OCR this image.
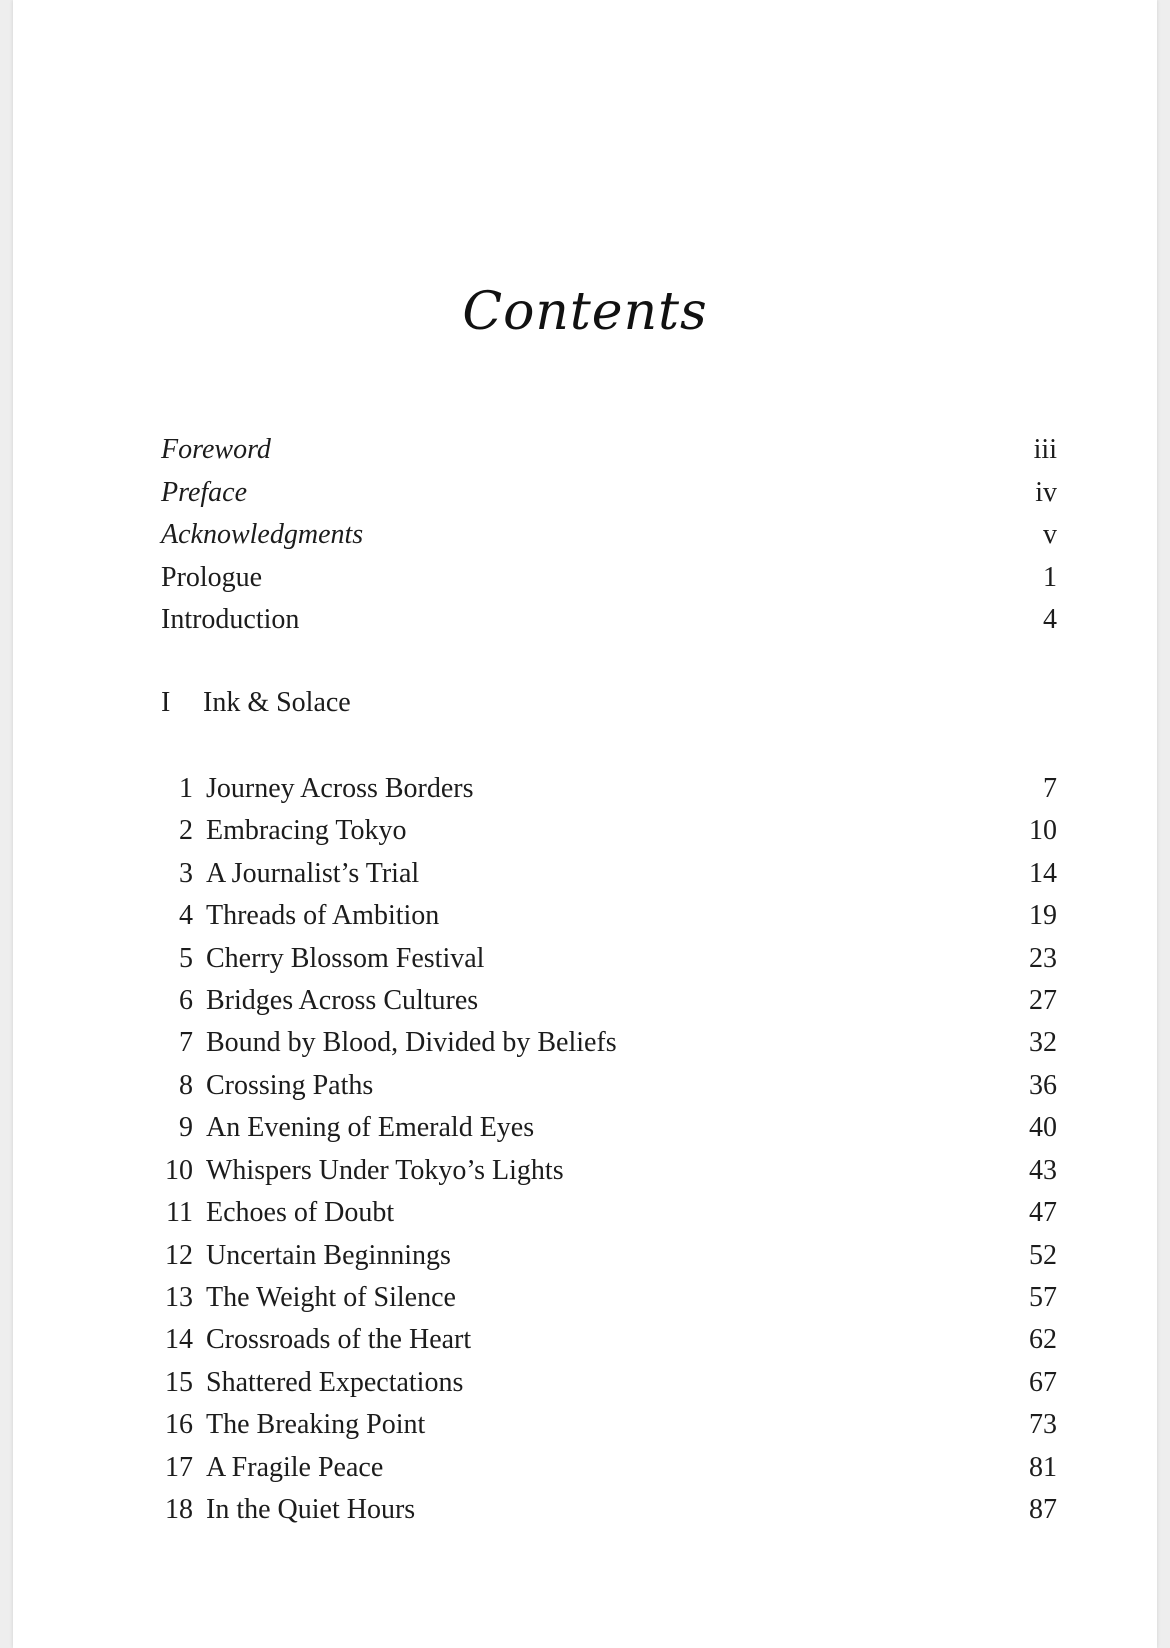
Contents
Foreword	iii
Preface	iv
Acknowledgments	v
Prologue	1
Introduction	4
I Ink & Solace
1 Journey Across Borders	7
2 Embracing Tokyo	10
3 A Journalist’s Trial	14
4 Threads of Ambition	19
5 Cherry Blossom Festival	23
6 Bridges Across Cultures	27
7 Bound by Blood, Divided by Beliefs	32
8 Crossing Paths	36
9 An Evening of Emerald Eyes	40
10 Whispers Under Tokyo’s Lights	43
11 Echoes of Doubt	47
12 Uncertain Beginnings	52
13 The Weight of Silence	57
14 Crossroads of the Heart	62
15 Shattered Expectations	67
16 The Breaking Point	73
17 A Fragile Peace	81
18 In the Quiet Hours	87
